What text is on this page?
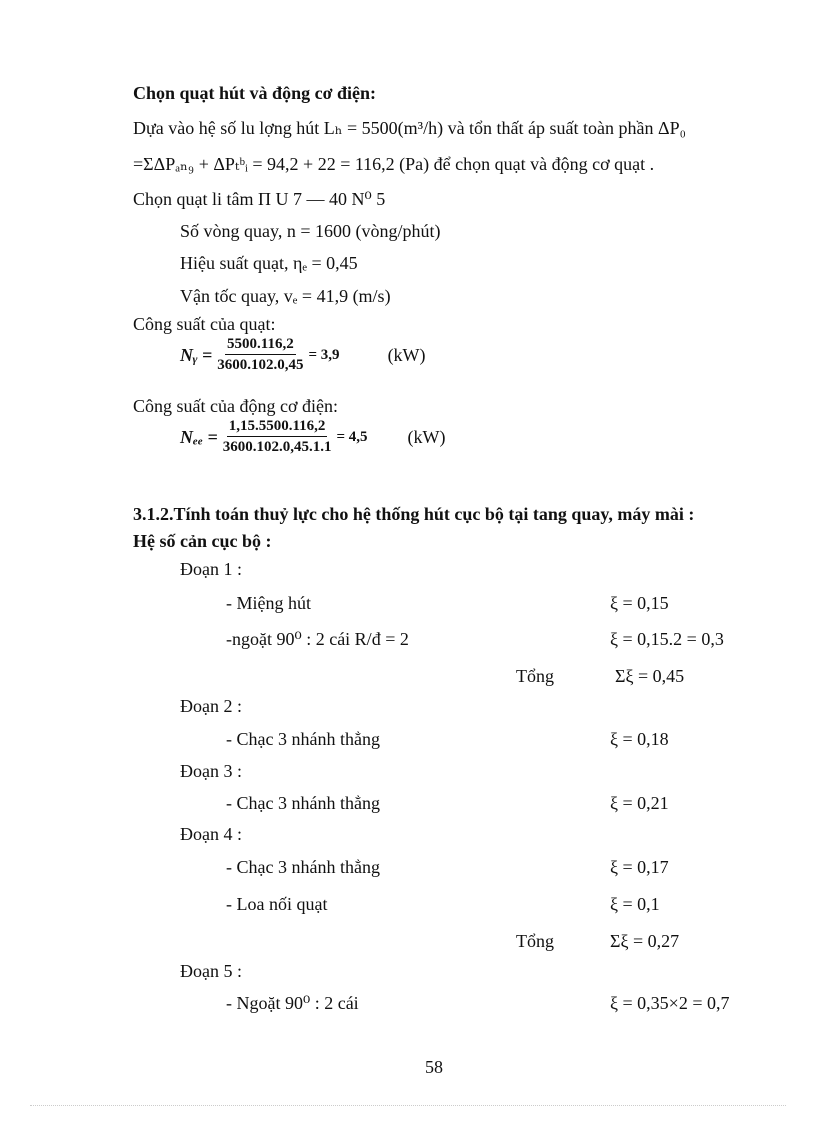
Chọn quạt hút và động cơ điện:
Dựa vào hệ số lu lợng hút Lₕ = 5500(m³/h) và tổn thất áp suất toàn phần ΔP₀
=ΣΔPₐₙ₉ + ΔPₜᵇᵢ = 94,2 + 22 = 116,2 (Pa) để chọn quạt và động cơ quạt .
Chọn quạt li tâm Π U 7 — 40 N⁰ 5
Số vòng quay, n = 1600 (vòng/phút)
Hiệu suất quạt, ηₑ = 0,45
Vận tốc quay, vₑ = 41,9 (m/s)
Công suất của quạt:
Nᵧ = $\frac{5500.116,2}{3600.102.0,45} = 3,9$	(kW)
Công suất của động cơ điện:
$N_{ee} = \frac{1,15.5500.116,2}{3600.102.0,45.1.1} = 4,5$ (kW)
3.1.2.Tính toán thuỷ lực cho hệ thống hút cục bộ tại tang quay, máy mài :
Hệ số cản cục bộ :
Đoạn 1 :
- Miệng hút	ξ = 0,15
-ngoặt 90⁰ : 2 cái R/đ = 2	ξ = 0,15.2 = 0,3
Tổng	Σξ = 0,45
Đoạn 2 :
- Chạc 3 nhánh thẳng	ξ = 0,18
Đoạn 3 :
- Chạc 3 nhánh thẳng	ξ = 0,21
Đoạn 4 :
- Chạc 3 nhánh thẳng	ξ = 0,17
- Loa nối quạt	ξ = 0,1
Tổng	Σξ = 0,27
Đoạn 5 :
- Ngoặt 90⁰ : 2 cái	ξ = 0,35×2 = 0,7
58
